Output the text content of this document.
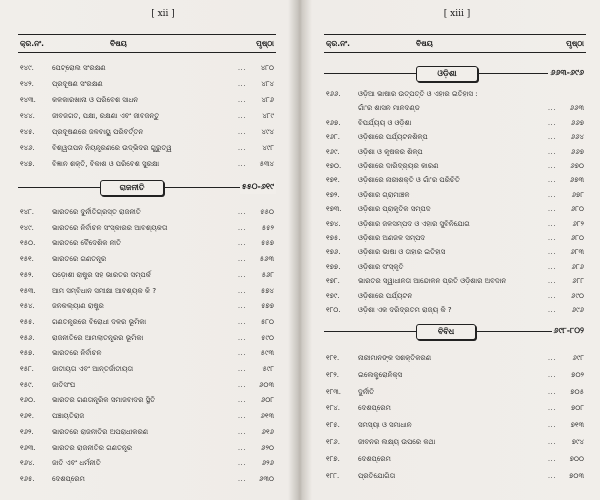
[ xii ]
କ୍ର.ନଂ.	ବିଷୟ	ପୃଷ୍ଠା
୧୪୯.	ପେଟ୍ରୋଲ ସଂରକ୍ଷଣ	...	୪୮୦
୧୪୨.	ପ୍ରଦୂଷଣ ସଂରକ୍ଷଣ	...	୪୮୪
୧୪୩.	କଳକାରଖାନା ଓ ପରିବେଶ ସାଧନ	...	୪୮୬
୧୪୪.	ଜୀବଜଗତ, ପକ୍ଷୀ, ରକ୍ଷଣା ଏବଂ ଜୀବଜନ୍ତୁ	...	୪୮୯
୧୪୫.	ପ୍ରଦୂଷଣରେ ଜଳବାୟୁ ପରିବର୍ତ୍ତନ	...	୪୯୪
୧୪୬.	ବିଶ୍ୱତାପନ ନିୟନ୍ତ୍ରଣରେ ଉଦ୍ଭିଦର ଗୁରୁତ୍ୱ	...	୪୯୮
୧୪୭.	ବିଜ୍ଞାନ ଶକ୍ତି, ବିକାଶ ଓ ପରିବେଶ ସୁରକ୍ଷା	...	୫୩୪
ରାଜନୀତି	୫୫୦-୬୧୯
୧୪୮.	ଭାରତରେ ଦୁର୍ନୀତିଗ୍ରସ୍ତ ରାଜନୀତି	...	୫୫୦
୧୪୯.	ଭାରତରେ ନିର୍ବାଚନ ସଂସ୍କାରର ଆବଶ୍ୟକତା	...	୫୫୨
୧୫୦.	ଭାରତରେ ବୈଦେଶିକ ନୀତି	...	୫୫୭
୧୫୧.	ଭାରତରେ ଗଣତନ୍ତ୍ର	...	୫୬୩
୧୫୨.	ପଡ଼ୋଶୀ ରାଷ୍ଟ୍ର ସହ ଭାରତର ସମ୍ପର୍କ	...	୫୬୮
୧୫୩.	ଆମ ସମ୍ବିଧାନ ସମୀକ୍ଷା ଆବଶ୍ୟକ କି ?	...	୫୭୪
୧୫୪.	ଜନକଲ୍ୟାଣ ରାଷ୍ଟ୍ର	...	୫୭୭
୧୫୫.	ଗଣତନ୍ତ୍ରରେ ବିରୋଧୀ ଦଳର ଭୂମିକା	...	୫୮୦
୧୫୬.	ରାଜନୀତିରେ ଆମଲାତନ୍ତ୍ରର ଭୂମିକା	...	୫୯୦
୧୫୭.	ଭାରତରେ ନିର୍ବାଚନ	...	୫୯୩
୧୫୮.	ଜାତୀୟତା ଏବଂ ଆନ୍ତର୍ଜାତୀୟତା	...	୫୯୮
୧୫୯.	ଜାତିସଂଘ	...	୬୦୩
୧୬୦.	ଭାରତର ଗଣତାନ୍ତ୍ରିକ ସମାଜବାଦର ସ୍ଥିତି	...	୬୦୮
୧୬୧.	ପଞ୍ଚାୟତିରାଜ	...	୬୧୩
୧୬୨.	ଭାରତରେ ରାଜନୀତିର ଅପରାଧୀକରଣ	...	୬୧୬
୧୬୩.	ଭାରତର ରାଜନୀତିର ଗଣତନ୍ତ୍ର	...	୬୨୦
୧୬୪.	ଜାତି ଏବଂ ଧର୍ମନୀତି	...	୬୨୬
୧୬୫.	ଦେଶପ୍ରେମ	...	୬୩୦
[ xiii ]
କ୍ର.ନଂ.	ବିଷୟ	ପୃଷ୍ଠା
ଓଡ଼ିଶା	୬୬୩-୬୯୬
୧୬୬.	ଓଡ଼ିଆ ଭାଷାର ଉତ୍ପତ୍ତି ଓ ଏହାର ଇତିହାସ :
ଗାଁ'ର ଶାସନ ମାନଦଣ୍ଡ	...	୬୬୩
୧୬୭.	ବିପର୍ଯ୍ୟୟ ଓ ଓଡ଼ିଶା	...	୬୬୭
୧୬୮.	ଓଡ଼ିଶାରେ ପର୍ଯ୍ୟଟନଶିଳ୍ପ	...	୬୬୪
୧୬୯.	ଓଡ଼ିଶା ଓ କୃଷକର ଶିଳ୍ପ	...	୬୬୭
୧୭୦.	ଓଡ଼ିଶାରେ ଦାରିଦ୍ର୍ୟର କାରଣ	...	୬୭୦
୧୭୧.	ଓଡ଼ିଶାରେ ନାରୀଶକ୍ତି ଓ ଗାଁ'ର ପରିଚିତି	...	୬୭୩
୧୭୨.	ଓଡ଼ିଶାର ଗ୍ରାମାଞ୍ଚଳ	...	୬୭୮
୧୭୩.	ଓଡ଼ିଶାର ପ୍ରାକୃତିକ ସମ୍ପଦ	...	୬୮୦
୧୭୪.	ଓଡ଼ିଶାର ଜଳସମ୍ପଦ ଓ ଏହାର ସୁବିନିଯୋଗ	...	୬୮୨
୧୭୫.	ଓଡ଼ିଶାର ଅଣଜଳ ସମ୍ପଦ	...	୬୮୦
୧୭୬.	ଓଡ଼ିଶାର ଭାଷା ଓ ତାହାର ଇତିହାସ	...	୬୮୩
୧୭୭.	ଓଡ଼ିଶାର ସଂସ୍କୃତି	...	୬୮୬
୧୭୮.	ଭାରତର ସ୍ୱାଧୀନତା ଆନ୍ଦୋଳନ ପ୍ରତି ଓଡ଼ିଶାର ଅବଦାନ	...	୬୮୮
୧୭୯.	ଓଡ଼ିଶାରେ ପର୍ଯ୍ୟଟନ	...	୬୯୦
୧୮୦.	ଓଡ଼ିଶା ଏକ ଦରିଦ୍ରତମ ରାଜ୍ୟ କି ?	...	୬୯୬
ବିବିଧ	୬୯୮-୮୦୨
୧୮୧.	ନାରୀମାନଙ୍କ ସଶକ୍ତିକରଣ	...	୬୯୮
୧୮୨.	ଇଲେକ୍ଟ୍ରୋନିକ୍ସ	...	୭୦୨
୧୮୩.	ଦୁର୍ନୀତି	...	୭୦୫
୧୮୪.	ଦେଶପ୍ରେମ	...	୭୦୮
୧୮୫.	ସମସ୍ୟା ଓ ସମାଧାନ	...	୭୧୩
୧୮୬.	ଜୀବନର ଲକ୍ଷ୍ୟ ଉପରେ କଥା	...	୭୯୪
୧୮୭.	ଦେଶପ୍ରେମ	...	୭୦୦
୧୮୮.	ପ୍ରତିଯୋଗିତା	...	୭୦୩
